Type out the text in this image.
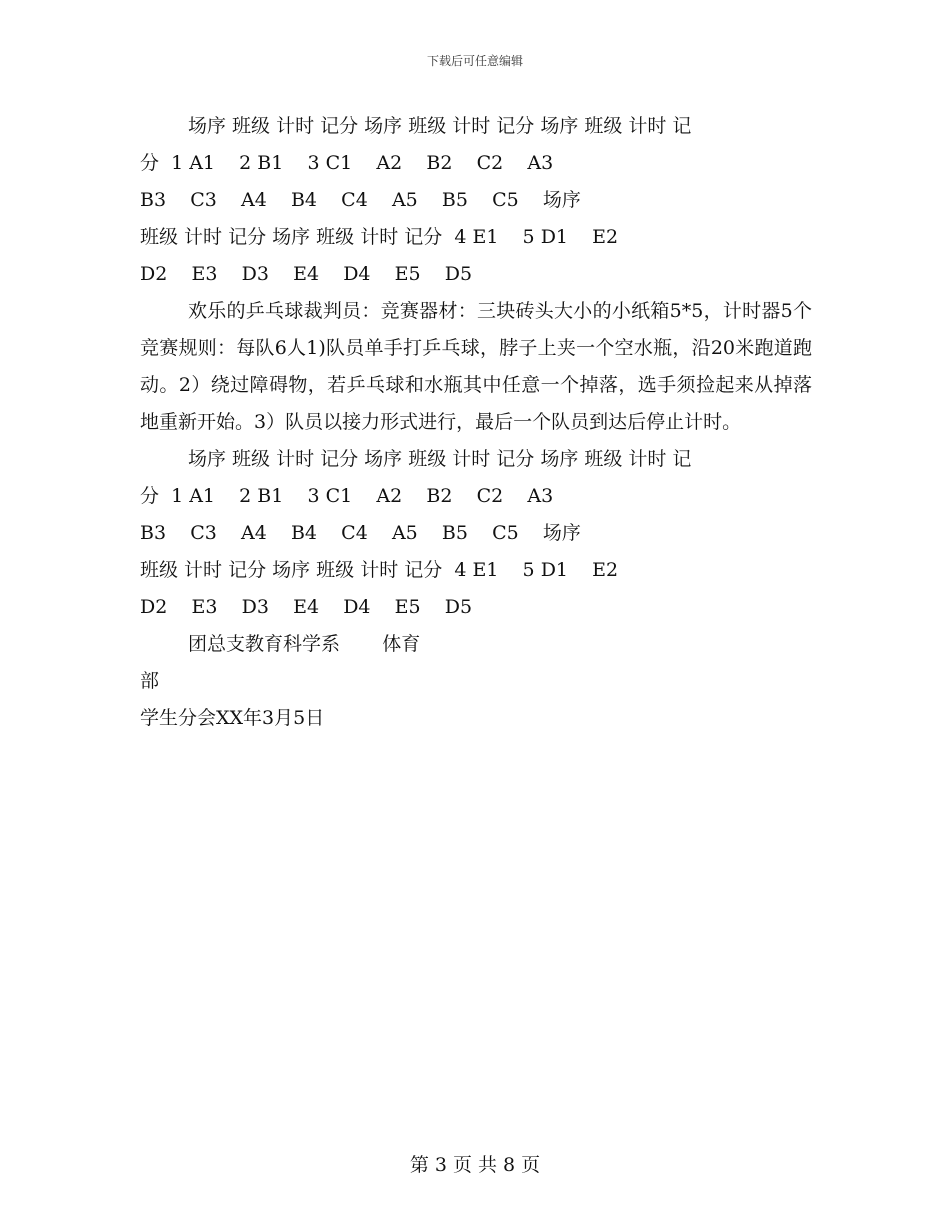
下载后可任意编辑
场序 班级 计时 记分 场序 班级 计时 记分 场序 班级 计时 记
分  1 A1    2 B1    3 C1    A2    B2    C2    A3
B3    C3    A4    B4    C4    A5    B5    C5    场序
班级 计时 记分 场序 班级 计时 记分  4 E1    5 D1    E2
D2    E3    D3    E4    D4    E5    D5

欢乐的乒乓球裁判员：竞赛器材：三块砖头大小的小纸箱5*5，计时器5个竞赛规则：每队6人1)队员单手打乒乓球，脖子上夹一个空水瓶，沿20米跑道跑动。2）绕过障碍物，若乒乓球和水瓶其中任意一个掉落，选手须捡起来从掉落地重新开始。3）队员以接力形式进行，最后一个队员到达后停止计时。

场序 班级 计时 记分 场序 班级 计时 记分 场序 班级 计时 记
分  1 A1    2 B1    3 C1    A2    B2    C2    A3
B3    C3    A4    B4    C4    A5    B5    C5    场序
班级 计时 记分 场序 班级 计时 记分  4 E1    5 D1    E2
D2    E3    D3    E4    D4    E5    D5
团总支教育科学系       体育
部
学生分会XX年3月5日
第 3 页 共 8 页
